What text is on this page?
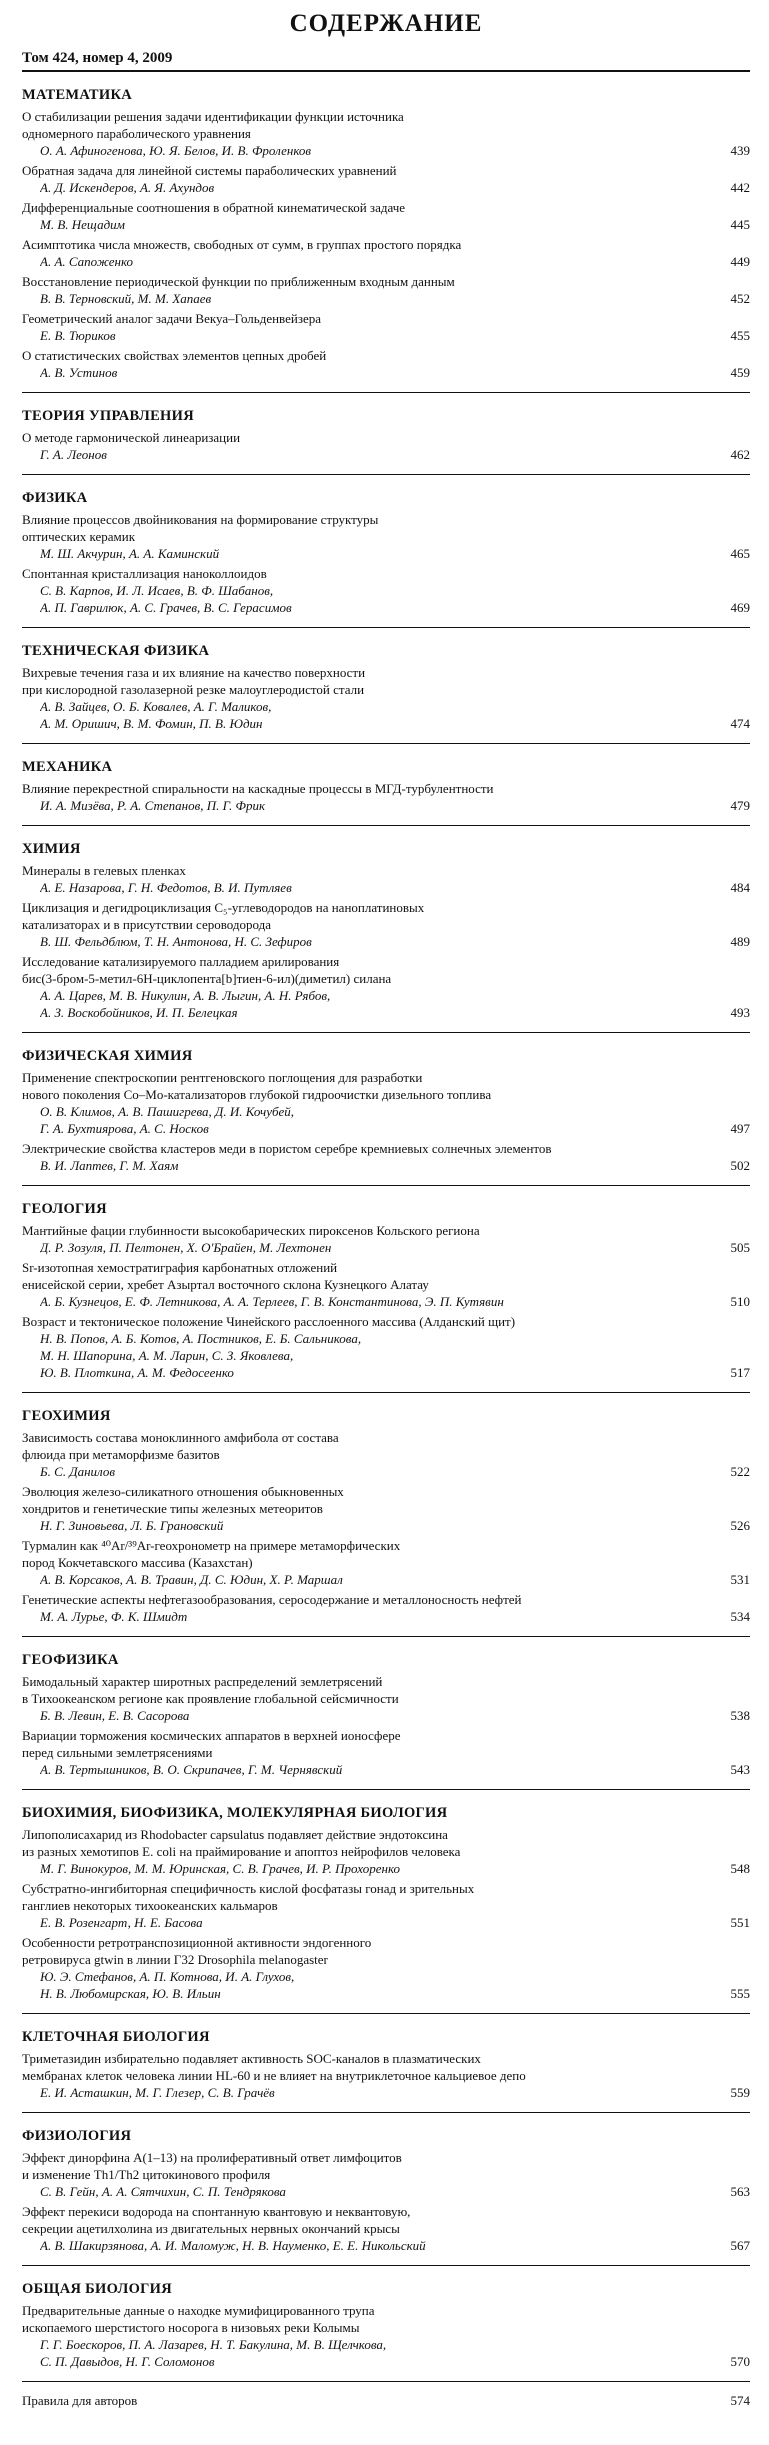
СОДЕРЖАНИЕ
Том 424, номер 4, 2009
МАТЕМАТИКА
О стабилизации решения задачи идентификации функции источника
одномерного параболического уравнения
О. А. Афиногенова, Ю. Я. Белов, И. В. Фроленков	439
Обратная задача для линейной системы параболических уравнений
А. Д. Искендеров, А. Я. Ахундов	442
Дифференциальные соотношения в обратной кинематической задаче
М. В. Нещадим	445
Асимптотика числа множеств, свободных от сумм, в группах простого порядка
А. А. Сапоженко	449
Восстановление периодической функции по приближенным входным данным
В. В. Терновский, М. М. Хапаев	452
Геометрический аналог задачи Векуа–Гольденвейзера
Е. В. Тюриков	455
О статистических свойствах элементов цепных дробей
А. В. Устинов	459
ТЕОРИЯ УПРАВЛЕНИЯ
О методе гармонической линеаризации
Г. А. Леонов	462
ФИЗИКА
Влияние процессов двойникования на формирование структуры
оптических керамик
М. Ш. Акчурин, А. А. Каминский	465
Спонтанная кристаллизация наноколлоидов
С. В. Карпов, И. Л. Исаев, В. Ф. Шабанов,
А. П. Гаврилюк, А. С. Грачев, В. С. Герасимов	469
ТЕХНИЧЕСКАЯ ФИЗИКА
Вихревые течения газа и их влияние на качество поверхности
при кислородной газолазерной резке малоуглеродистой стали
А. В. Зайцев, О. Б. Ковалев, А. Г. Маликов,
А. М. Оришич, В. М. Фомин, П. В. Юдин	474
МЕХАНИКА
Влияние перекрестной спиральности на каскадные процессы в МГД-турбулентности
И. А. Мизёва, Р. А. Степанов, П. Г. Фрик	479
ХИМИЯ
Минералы в гелевых пленках
А. Е. Назарова, Г. Н. Федотов, В. И. Путляев	484
Циклизация и дегидроциклизация C₅-углеводородов на наноплатиновых
катализаторах и в присутствии сероводорода
В. Ш. Фельдблюм, Т. Н. Антонова, Н. С. Зефиров	489
Исследование катализируемого палладием арилирования
бис(3-бром-5-метил-6H-циклопента[b]тиен-6-ил)(диметил) силана
А. А. Царев, М. В. Никулин, А. В. Лыгин, А. Н. Рябов,
А. З. Воскобойников, И. П. Белецкая	493
ФИЗИЧЕСКАЯ ХИМИЯ
Применение спектроскопии рентгеновского поглощения для разработки
нового поколения Co–Mo-катализаторов глубокой гидроочистки дизельного топлива
О. В. Климов, А. В. Пашигрева, Д. И. Кочубей,
Г. А. Бухтиярова, А. С. Носков	497
Электрические свойства кластеров меди в пористом серебре кремниевых солнечных элементов
В. И. Лаптев, Г. М. Хаям	502
ГЕОЛОГИЯ
Мантийные фации глубинности высокобарических пироксенов Кольского региона
Д. Р. Зозуля, П. Пелтонен, Х. О'Брайен, М. Лехтонен	505
Sr-изотопная хемостратиграфия карбонатных отложений
енисейской серии, хребет Азыртал восточного склона Кузнецкого Алатау
А. Б. Кузнецов, Е. Ф. Летникова, А. А. Терлеев, Г. В. Константинова, Э. П. Кутявин	510
Возраст и тектоническое положение Чинейского расслоенного массива (Алданский щит)
Н. В. Попов, А. Б. Котов, А. Постников, Е. Б. Сальникова,
М. Н. Шапорина, А. М. Ларин, С. З. Яковлева,
Ю. В. Плоткина, А. М. Федосеенко	517
ГЕОХИМИЯ
Зависимость состава моноклинного амфибола от состава
флюида при метаморфизме базитов
Б. С. Данилов	522
Эволюция железо-силикатного отношения обыкновенных
хондритов и генетические типы железных метеоритов
Н. Г. Зиновьева, Л. Б. Грановский	526
Турмалин как ⁴⁰Ar/³⁹Ar-геохронометр на примере метаморфических
пород Кокчетавского массива (Казахстан)
А. В. Корсаков, А. В. Травин, Д. С. Юдин, Х. Р. Маршал	531
Генетические аспекты нефтегазообразования, серосодержание и металлоносность нефтей
М. А. Лурье, Ф. К. Шмидт	534
ГЕОФИЗИКА
Бимодальный характер широтных распределений землетрясений
в Тихоокеанском регионе как проявление глобальной сейсмичности
Б. В. Левин, Е. В. Сасорова	538
Вариации торможения космических аппаратов в верхней ионосфере
перед сильными землетрясениями
А. В. Тертышников, В. О. Скрипачев, Г. М. Чернявский	543
БИОХИМИЯ, БИОФИЗИКА, МОЛЕКУЛЯРНАЯ БИОЛОГИЯ
Липополисахарид из Rhodobacter capsulatus подавляет действие эндотоксина
из разных хемотипов E. coli на праймирование и апоптоз нейрофилов человека
М. Г. Винокуров, М. М. Юринская, С. В. Грачев, И. Р. Прохоренко	548
Субстратно-ингибиторная специфичность кислой фосфатазы гонад и зрительных
ганглиев некоторых тихоокеанских кальмаров
Е. В. Розенгарт, Н. Е. Басова	551
Особенности ретротранспозиционной активности эндогенного
ретровируса gtwin в линии Г32 Drosophila melanogaster
Ю. Э. Стефанов, А. П. Котнова, И. А. Глухов,
Н. В. Любомирская, Ю. В. Ильин	555
КЛЕТОЧНАЯ БИОЛОГИЯ
Триметазидин избирательно подавляет активность SOC-каналов в плазматических
мембранах клеток человека линии HL-60 и не влияет на внутриклеточное кальциевое депо
Е. И. Асташкин, М. Г. Глезер, С. В. Грачёв	559
ФИЗИОЛОГИЯ
Эффект динорфина A(1–13) на пролиферативный ответ лимфоцитов
и изменение Th1/Th2 цитокинового профиля
С. В. Гейн, А. А. Сятчихин, С. П. Тендрякова	563
Эффект перекиси водорода на спонтанную квантовую и неквантовую,
секреции ацетилхолина из двигательных нервных окончаний крысы
А. В. Шакирзянова, А. И. Маломуж, Н. В. Науменко, Е. Е. Никольский	567
ОБЩАЯ БИОЛОГИЯ
Предварительные данные о находке мумифицированного трупа
ископаемого шерстистого носорога в низовьях реки Колымы
Г. Г. Боескоров, П. А. Лазарев, Н. Т. Бакулина, М. В. Щелчкова,
С. П. Давыдов, Н. Г. Соломонов	570
Правила для авторов	574
